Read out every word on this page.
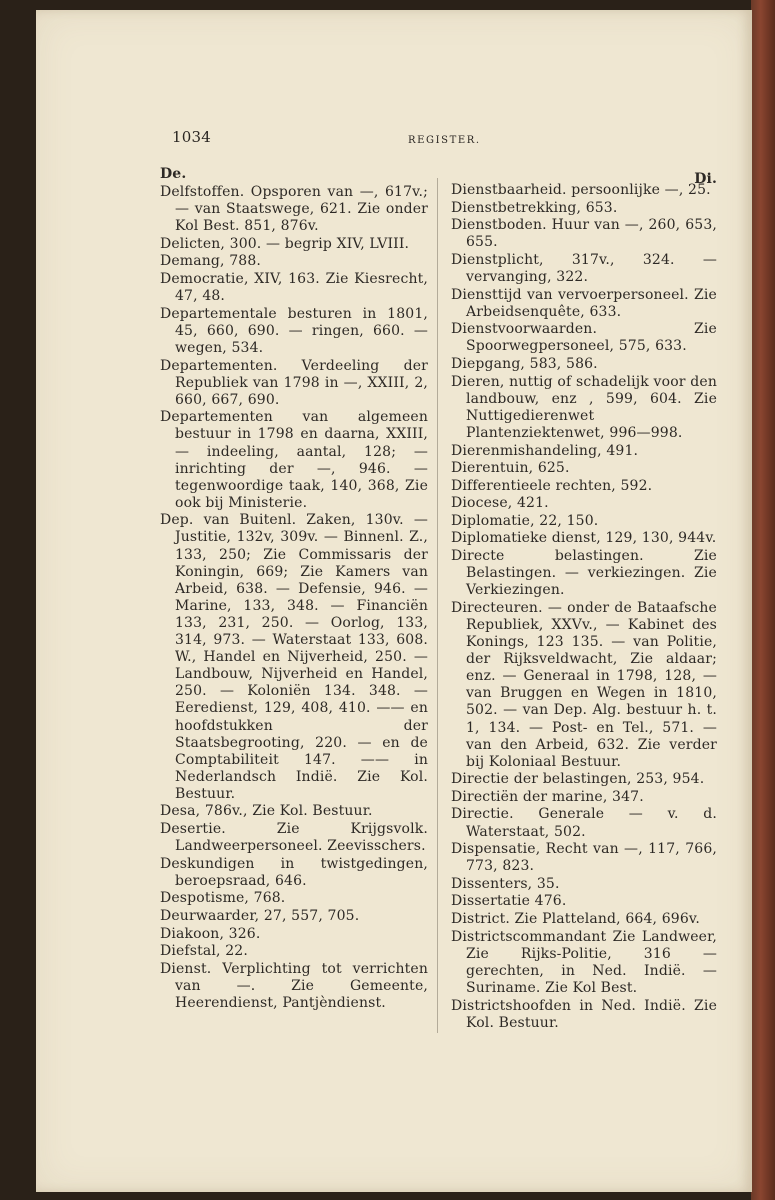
1034	REGISTER.
De.
Delfstoffen. Opsporen van —, 617v.; — van Staatswege, 621. Zie onder Kol Best. 851, 876v.
Delicten, 300. — begrip XIV, LVIII.
Demang, 788.
Democratie, XIV, 163. Zie Kiesrecht, 47, 48.
Departementale besturen in 1801, 45, 660, 690. — ringen, 660. — wegen, 534.
Departementen. Verdeeling der Republiek van 1798 in —, XXIII, 2, 660, 667, 690.
Departementen van algemeen bestuur in 1798 en daarna, XXIII, — indeeling, aantal, 128; — inrichting der —, 946. — tegenwoordige taak, 140, 368, Zie ook bij Ministerie.
Dep. van Buitenl. Zaken, 130v. — Justitie, 132v, 309v. — Binnenl. Z., 133, 250; Zie Commissaris der Koningin, 669; Zie Kamers van Arbeid, 638. — Defensie, 946. — Marine, 133, 348. — Financiën 133, 231, 250. — Oorlog, 133, 314, 973. — Waterstaat 133, 608. W., Handel en Nijverheid, 250. — Landbouw, Nijverheid en Handel, 250. — Koloniën 134. 348. — Eeredienst, 129, 408, 410. —— en hoofdstukken der Staatsbegrooting, 220. — en de Comptabiliteit 147. —— in Nederlandsch Indië. Zie Kol. Bestuur.
Desa, 786v., Zie Kol. Bestuur.
Desertie. Zie Krijgsvolk. Landweerpersoneel. Zeevisschers.
Deskundigen in twistgedingen, beroepsraad, 646.
Despotisme, 768.
Deurwaarder, 27, 557, 705.
Diakoon, 326.
Diefstal, 22.
Dienst. Verplichting tot verrichten van —. Zie Gemeente, Heerendienst, Pantjèndienst.
Di.
Dienstbaarheid. persoonlijke —, 25.
Dienstbetrekking, 653.
Dienstboden. Huur van —, 260, 653, 655.
Dienstplicht, 317v., 324. — vervanging, 322.
Diensttijd van vervoerpersoneel. Zie Arbeidsenquête, 633.
Dienstvoorwaarden. Zie Spoorwegpersoneel, 575, 633.
Diepgang, 583, 586.
Dieren, nuttig of schadelijk voor den landbouw, enz , 599, 604. Zie Nuttigedierenwet Plantenziektenwet, 996—998.
Dierenmishandeling, 491.
Dierentuin, 625.
Differentieele rechten, 592.
Diocese, 421.
Diplomatie, 22, 150.
Diplomatieke dienst, 129, 130, 944v.
Directe belastingen. Zie Belastingen. — verkiezingen. Zie Verkiezingen.
Directeuren. — onder de Bataafsche Republiek, XXVv., — Kabinet des Konings, 123 135. — van Politie, der Rijksveldwacht, Zie aldaar; enz. — Generaal in 1798, 128, — van Bruggen en Wegen in 1810, 502. — van Dep. Alg. bestuur h. t. 1, 134. — Post- en Tel., 571. — van den Arbeid, 632. Zie verder bij Koloniaal Bestuur.
Directie der belastingen, 253, 954.
Directiën der marine, 347.
Directie. Generale — v. d. Waterstaat, 502.
Dispensatie, Recht van —, 117, 766, 773, 823.
Dissenters, 35.
Dissertatie 476.
District. Zie Platteland, 664, 696v.
Districtscommandant Zie Landweer, Zie Rijks-Politie, 316 — gerechten, in Ned. Indië. — Suriname. Zie Kol Best.
Districtshoofden in Ned. Indië. Zie Kol. Bestuur.
